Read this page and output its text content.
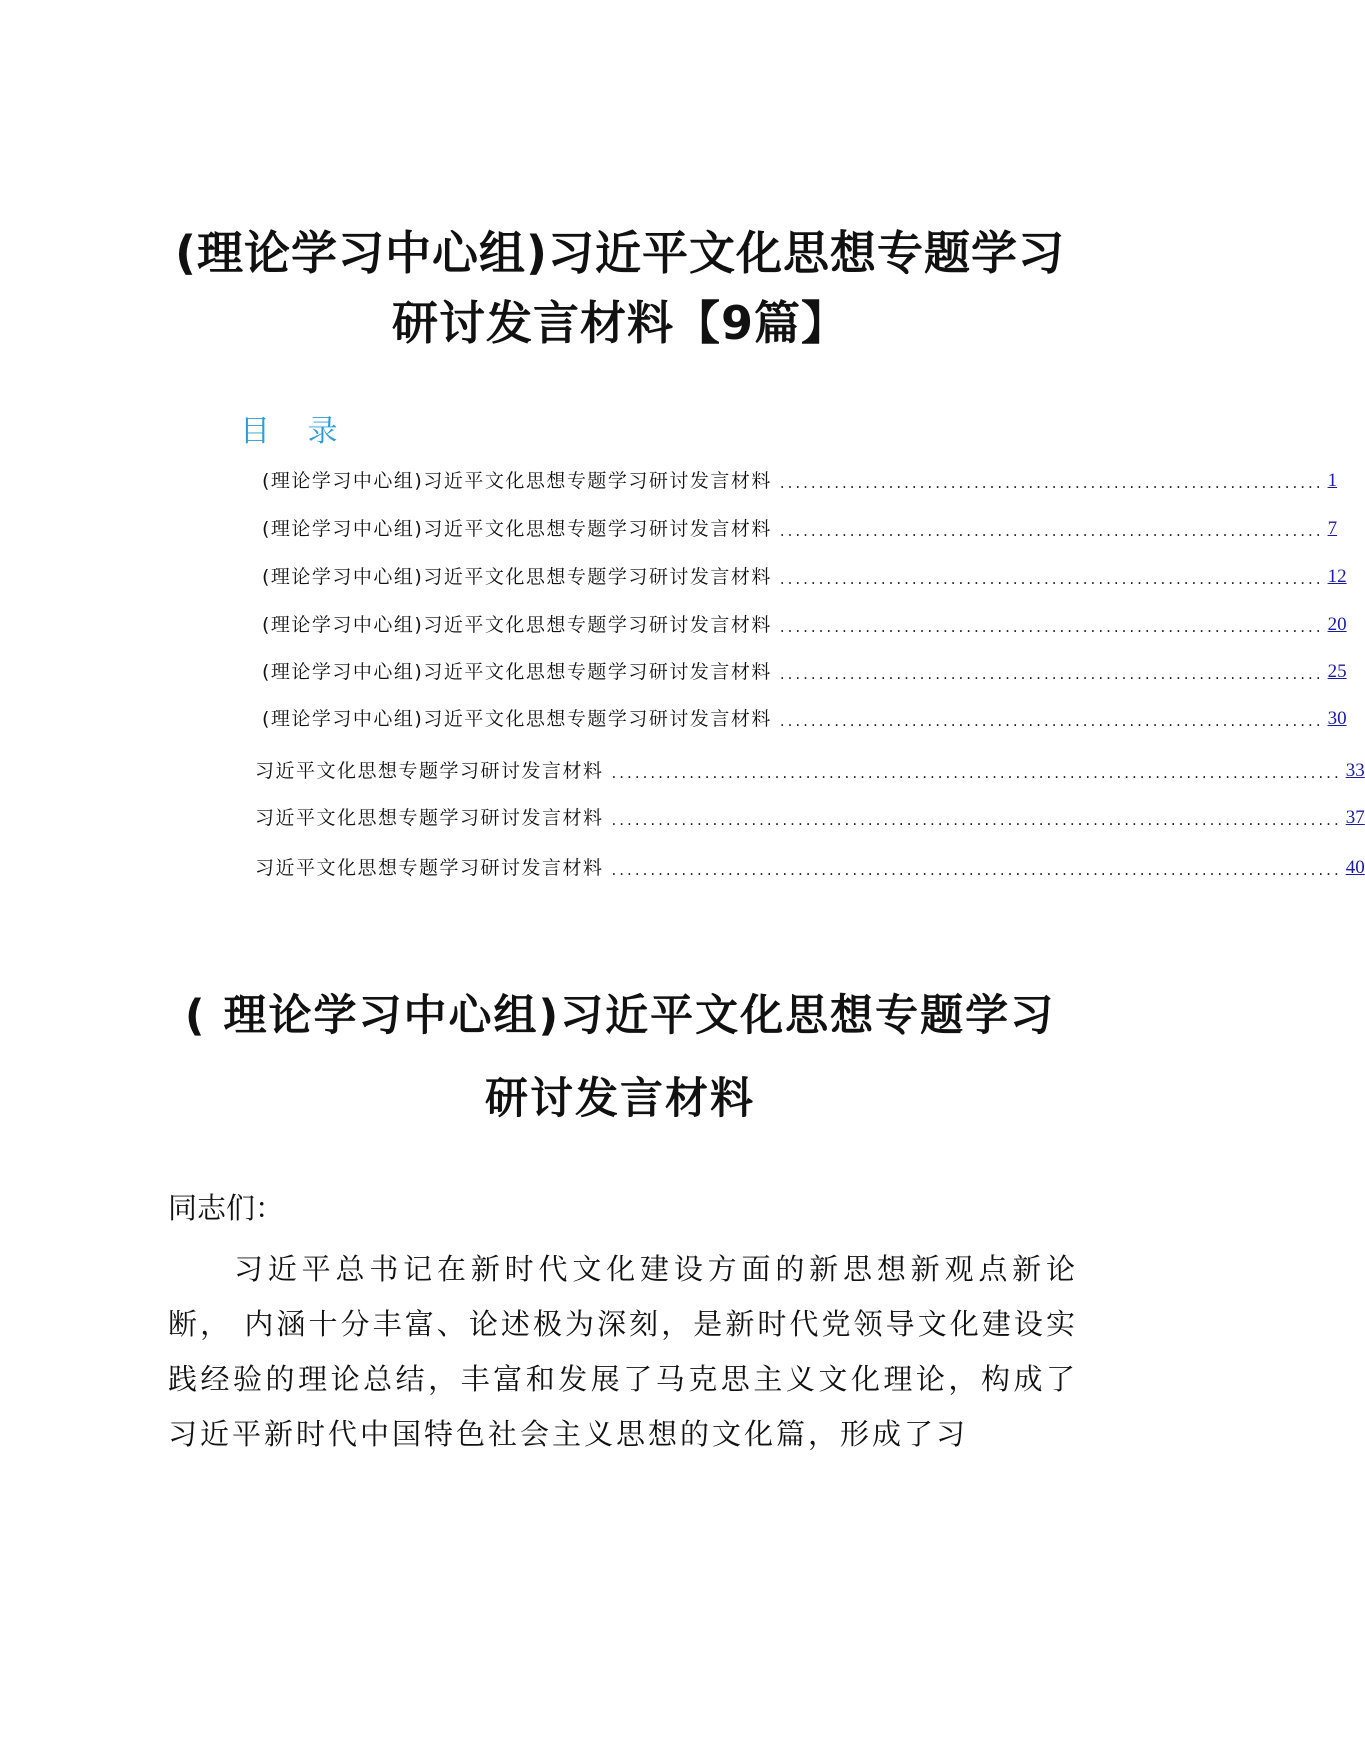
(理论学习中心组)习近平文化思想专题学习
研讨发言材料【9篇】
目 录
(理论学习中心组)习近平文化思想专题学习研讨发言材料 ...................................................................... 1
(理论学习中心组)习近平文化思想专题学习研讨发言材料 ...................................................................... 7
(理论学习中心组)习近平文化思想专题学习研讨发言材料 ...................................................................... 12
(理论学习中心组)习近平文化思想专题学习研讨发言材料 ...................................................................... 20
(理论学习中心组)习近平文化思想专题学习研讨发言材料 ...................................................................... 25
(理论学习中心组)习近平文化思想专题学习研讨发言材料 ...................................................................... 30
习近平文化思想专题学习研讨发言材料 .............................................................................................. 33
习近平文化思想专题学习研讨发言材料 .............................................................................................. 37
习近平文化思想专题学习研讨发言材料 .............................................................................................. 40
( 理论学习中心组)习近平文化思想专题学习
研讨发言材料

同志们：

习近平总书记在新时代文化建设方面的新思想新观点新论断， 内涵十分丰富、论述极为深刻，是新时代党领导文化建设实践经验的理论总结，丰富和发展了马克思主义文化理论，构成了习近平新时代中国特色社会主义思想的文化篇，形成了习
